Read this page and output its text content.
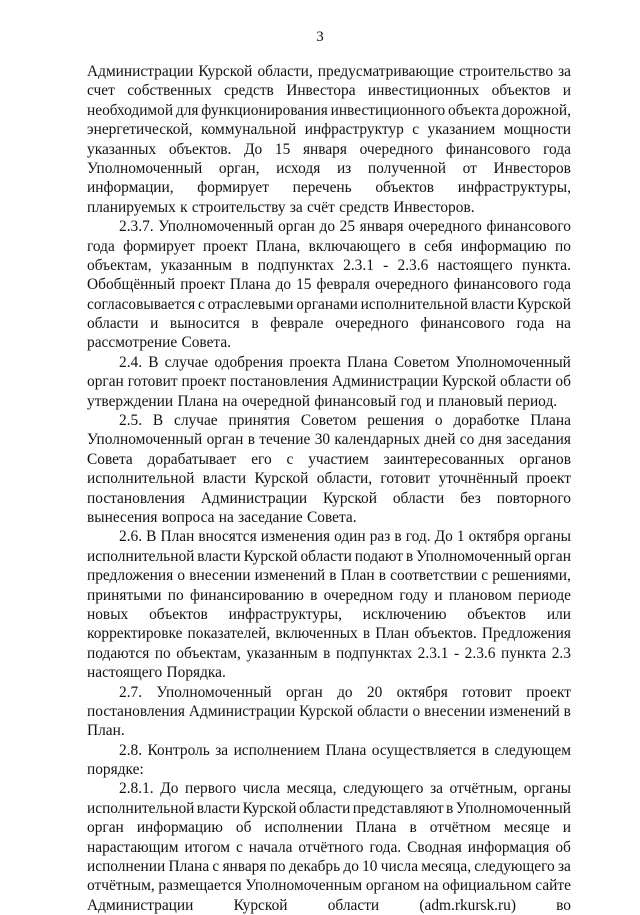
3
Администрации Курской области, предусматривающие строительство за
счет собственных средств Инвестора инвестиционных объектов и
необходимой для функционирования инвестиционного объекта дорожной,
энергетической, коммунальной инфраструктур с указанием мощности
указанных объектов. До 15 января очередного финансового года
Уполномоченный орган, исходя из полученной от Инвесторов
информации, формирует перечень объектов инфраструктуры,
планируемых к строительству за счёт средств Инвесторов.
2.3.7. Уполномоченный орган до 25 января очередного финансового
года формирует проект Плана, включающего в себя информацию по
объектам, указанным в подпунктах 2.3.1 - 2.3.6 настоящего пункта.
Обобщённый проект Плана до 15 февраля очередного финансового года
согласовывается с отраслевыми органами исполнительной власти Курской
области и выносится в феврале очередного финансового года на
рассмотрение Совета.
2.4. В случае одобрения проекта Плана Советом Уполномоченный
орган готовит проект постановления Администрации Курской области об
утверждении Плана на очередной финансовый год и плановый период.
2.5. В случае принятия Советом решения о доработке Плана
Уполномоченный орган в течение 30 календарных дней со дня заседания
Совета дорабатывает его с участием заинтересованных органов
исполнительной власти Курской области, готовит уточнённый проект
постановления Администрации Курской области без повторного
вынесения вопроса на заседание Совета.
2.6. В План вносятся изменения один раз в год. До 1 октября органы
исполнительной власти Курской области подают в Уполномоченный орган
предложения о внесении изменений в План в соответствии с решениями,
принятыми по финансированию в очередном году и плановом периоде
новых объектов инфраструктуры, исключению объектов или
корректировке показателей, включенных в План объектов. Предложения
подаются по объектам, указанным в подпунктах 2.3.1 - 2.3.6 пункта 2.3
настоящего Порядка.
2.7. Уполномоченный орган до 20 октября готовит проект
постановления Администрации Курской области о внесении изменений в
План.
2.8. Контроль за исполнением Плана осуществляется в следующем
порядке:
2.8.1. До первого числа месяца, следующего за отчётным, органы
исполнительной власти Курской области представляют в Уполномоченный
орган информацию об исполнении Плана в отчётном месяце и
нарастающим итогом с начала отчётного года. Сводная информация об
исполнении Плана с января по декабрь до 10 числа месяца, следующего за
отчётным, размещается Уполномоченным органом на официальном сайте
Администрации	Курской	области	(adm.rkursk.ru)	во
